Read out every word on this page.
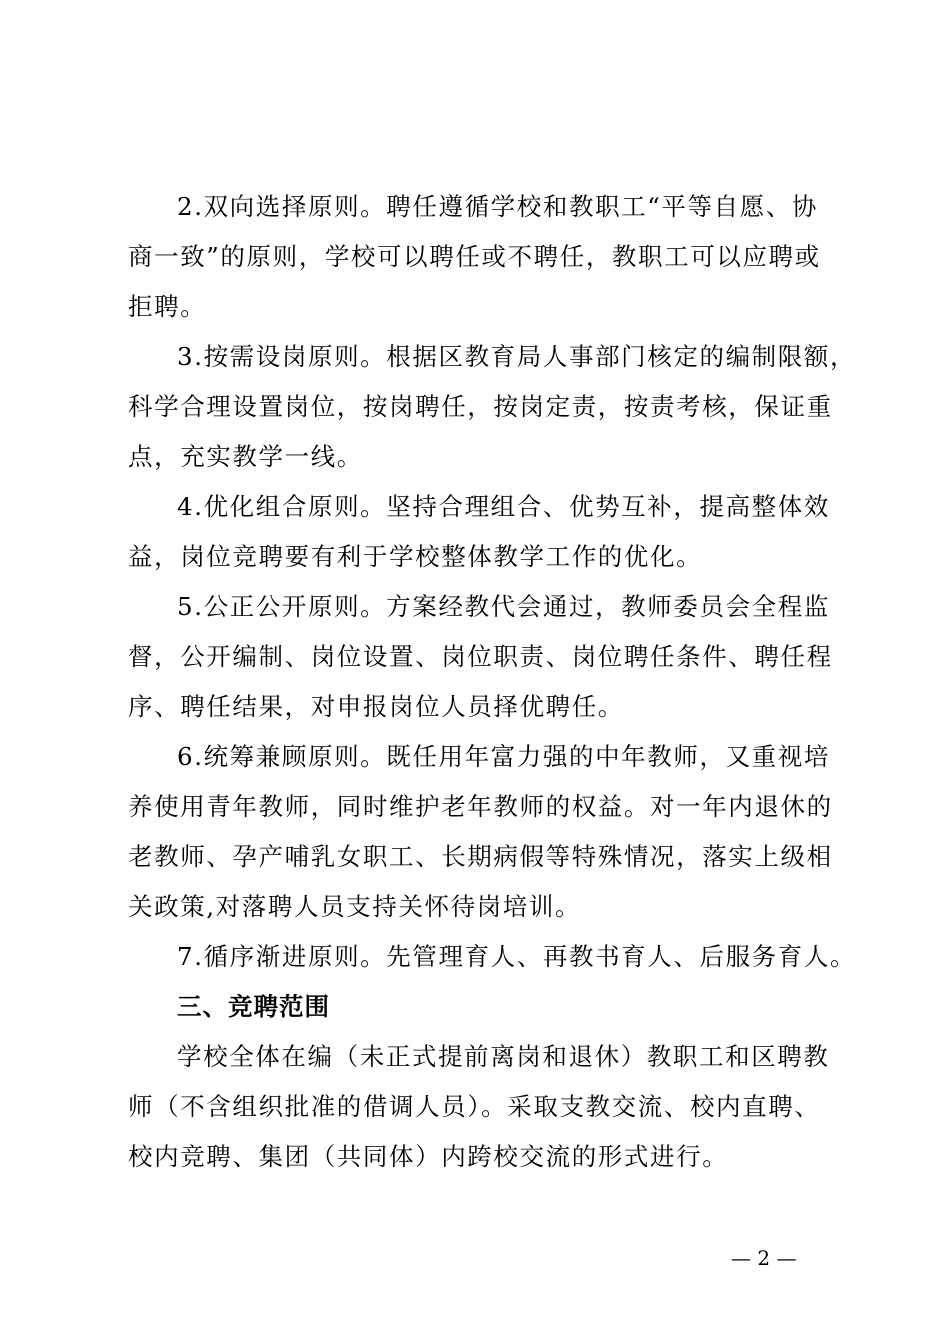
2.双向选择原则。聘任遵循学校和教职工“平等自愿、协

商一致”的原则，学校可以聘任或不聘任，教职工可以应聘或

拒聘。

3.按需设岗原则。根据区教育局人事部门核定的编制限额，

科学合理设置岗位，按岗聘任，按岗定责，按责考核，保证重

点，充实教学一线。

4.优化组合原则。坚持合理组合、优势互补，提高整体效

益，岗位竞聘要有利于学校整体教学工作的优化。

5.公正公开原则。方案经教代会通过，教师委员会全程监

督，公开编制、岗位设置、岗位职责、岗位聘任条件、聘任程

序、聘任结果，对申报岗位人员择优聘任。

6.统筹兼顾原则。既任用年富力强的中年教师，又重视培

养使用青年教师，同时维护老年教师的权益。对一年内退休的

老教师、孕产哺乳女职工、长期病假等特殊情况，落实上级相

关政策,对落聘人员支持关怀待岗培训。

7.循序渐进原则。先管理育人、再教书育人、后服务育人。

三、竞聘范围

学校全体在编（未正式提前离岗和退休）教职工和区聘教

师（不含组织批准的借调人员）。采取支教交流、校内直聘、

校内竞聘、集团（共同体）内跨校交流的形式进行。

— 2 —
